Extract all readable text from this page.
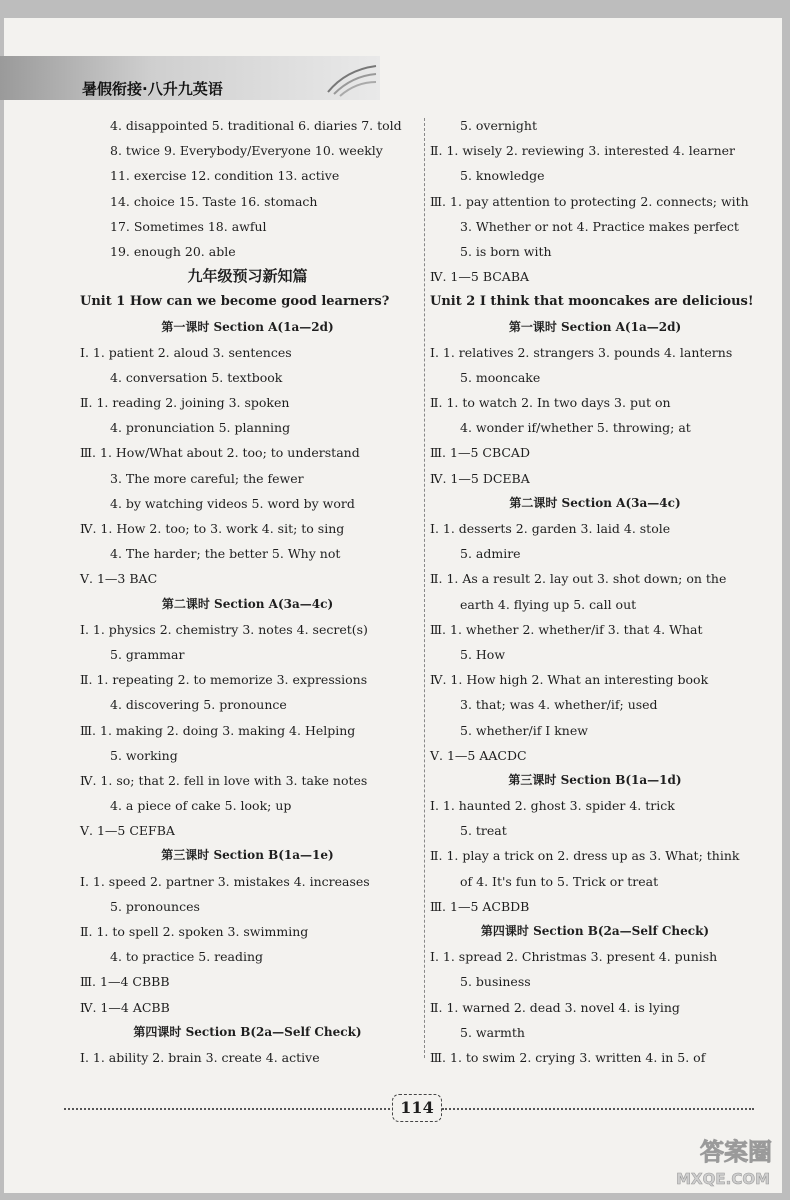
暑假衔接·八升九英语
4. disappointed 5. traditional 6. diaries 7. told
8. twice 9. Everybody/Everyone 10. weekly
11. exercise 12. condition 13. active
14. choice 15. Taste 16. stomach
17. Sometimes 18. awful
19. enough 20. able
九年级预习新知篇
Unit 1 How can we become good learners?
第一课时 Section A(1a—2d)
Ⅰ. 1. patient 2. aloud 3. sentences
4. conversation 5. textbook
Ⅱ. 1. reading 2. joining 3. spoken
4. pronunciation 5. planning
Ⅲ. 1. How/What about 2. too; to understand
3. The more careful; the fewer
4. by watching videos 5. word by word
Ⅳ. 1. How 2. too; to 3. work 4. sit; to sing
4. The harder; the better 5. Why not
Ⅴ. 1—3 BAC
第二课时 Section A(3a—4c)
Ⅰ. 1. physics 2. chemistry 3. notes 4. secret(s)
5. grammar
Ⅱ. 1. repeating 2. to memorize 3. expressions
4. discovering 5. pronounce
Ⅲ. 1. making 2. doing 3. making 4. Helping
5. working
Ⅳ. 1. so; that 2. fell in love with 3. take notes
4. a piece of cake 5. look; up
Ⅴ. 1—5 CEFBA
第三课时 Section B(1a—1e)
Ⅰ. 1. speed 2. partner 3. mistakes 4. increases
5. pronounces
Ⅱ. 1. to spell 2. spoken 3. swimming
4. to practice 5. reading
Ⅲ. 1—4 CBBB
Ⅳ. 1—4 ACBB
第四课时 Section B(2a—Self Check)
Ⅰ. 1. ability 2. brain 3. create 4. active
5. overnight
Ⅱ. 1. wisely 2. reviewing 3. interested 4. learner
5. knowledge
Ⅲ. 1. pay attention to protecting 2. connects; with
3. Whether or not 4. Practice makes perfect
5. is born with
Ⅳ. 1—5 BCABA
Unit 2 I think that mooncakes are delicious!
第一课时 Section A(1a—2d)
Ⅰ. 1. relatives 2. strangers 3. pounds 4. lanterns
5. mooncake
Ⅱ. 1. to watch 2. In two days 3. put on
4. wonder if/whether 5. throwing; at
Ⅲ. 1—5 CBCAD
Ⅳ. 1—5 DCEBA
第二课时 Section A(3a—4c)
Ⅰ. 1. desserts 2. garden 3. laid 4. stole
5. admire
Ⅱ. 1. As a result 2. lay out 3. shot down; on the
earth 4. flying up 5. call out
Ⅲ. 1. whether 2. whether/if 3. that 4. What
5. How
Ⅳ. 1. How high 2. What an interesting book
3. that; was 4. whether/if; used
5. whether/if I knew
Ⅴ. 1—5 AACDC
第三课时 Section B(1a—1d)
Ⅰ. 1. haunted 2. ghost 3. spider 4. trick
5. treat
Ⅱ. 1. play a trick on 2. dress up as 3. What; think
of 4. It's fun to 5. Trick or treat
Ⅲ. 1—5 ACBDB
第四课时 Section B(2a—Self Check)
Ⅰ. 1. spread 2. Christmas 3. present 4. punish
5. business
Ⅱ. 1. warned 2. dead 3. novel 4. is lying
5. warmth
Ⅲ. 1. to swim 2. crying 3. written 4. in 5. of
114
答案圈
MXQE.COM
